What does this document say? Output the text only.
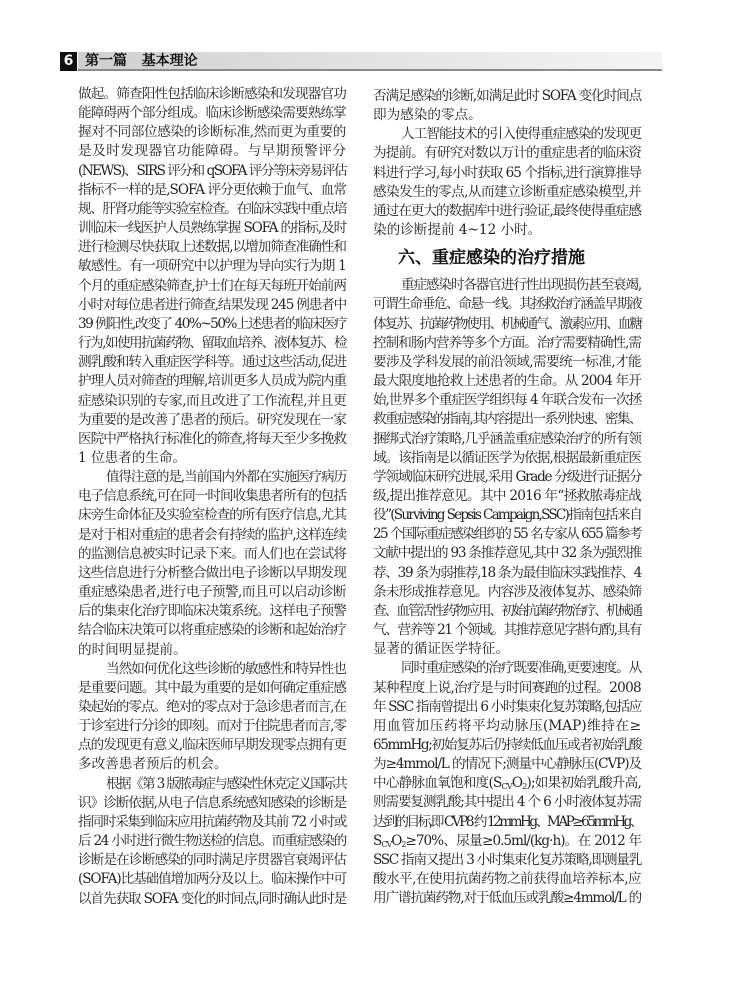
6 第一篇   基本理论
做起。筛查阳性包括临床诊断感染和发现器官功
能障碍两个部分组成。临床诊断感染需要熟练掌
握对不同部位感染的诊断标准,然而更为重要的
是及时发现器官功能障碍。与早期预警评分
(NEWS)、SIRS 评分和 qSOFA 评分等床旁易评估
指标不一样的是,SOFA 评分更依赖于血气、血常
规、肝肾功能等实验室检查。在临床实践中重点培
训临床一线医护人员熟练掌握 SOFA 的指标,及时
进行检测尽快获取上述数据,以增加筛查准确性和
敏感性。有一项研究中以护理为导向实行为期 1
个月的重症感染筛查,护士们在每天每班开始前两
小时对每位患者进行筛查,结果发现 245 例患者中
39 例阳性,改变了 40%~50%上述患者的临床医疗
行为,如使用抗菌药物、留取血培养、液体复苏、检
测乳酸和转入重症医学科等。通过这些活动,促进
护理人员对筛查的理解,培训更多人员成为院内重
症感染识别的专家,而且改进了工作流程,并且更
为重要的是改善了患者的预后。研究发现在一家
医院中严格执行标准化的筛查,将每天至少多挽救
1 位患者的生命。
值得注意的是,当前国内外都在实施医疗病历
电子信息系统,可在同一时间收集患者所有的包括
床旁生命体征及实验室检查的所有医疗信息,尤其
是对于相对重症的患者会有持续的监护,这样连续
的监测信息被实时记录下来。而人们也在尝试将
这些信息进行分析整合做出电子诊断以早期发现
重症感染患者,进行电子预警,而且可以启动诊断
后的集束化治疗即临床决策系统。这样电子预警
结合临床决策可以将重症感染的诊断和起始治疗
的时间明显提前。
当然如何优化这些诊断的敏感性和特异性也
是重要问题。其中最为重要的是如何确定重症感
染起始的零点。绝对的零点对于急诊患者而言,在
于诊室进行分诊的即刻。而对于住院患者而言,零
点的发现更有意义,临床医师早期发现零点拥有更
多改善患者预后的机会。
根据《第 3 版脓毒症与感染性休克定义国际共
识》诊断依据,从电子信息系统感知感染的诊断是
指同时采集到临床应用抗菌药物及其前 72 小时或
后 24 小时进行微生物送检的信息。而重症感染的
诊断是在诊断感染的同时满足序贯器官衰竭评估
(SOFA)比基础值增加两分及以上。临床操作中可
以首先获取 SOFA 变化的时间点,同时确认此时是
否满足感染的诊断,如满足此时 SOFA 变化时间点
即为感染的零点。
人工智能技术的引入使得重症感染的发现更
为提前。有研究对数以万计的重症患者的临床资
料进行学习,每小时获取 65 个指标,进行演算推导
感染发生的零点,从而建立诊断重症感染模型,并
通过在更大的数据库中进行验证,最终使得重症感
染的诊断提前 4~12 小时。
六、重症感染的治疗措施
重症感染时各器官进行性出现损伤甚至衰竭,
可谓生命垂危、命悬一线。其拯救治疗涵盖早期液
体复苏、抗菌药物使用、机械通气、激素应用、血糖
控制和肠内营养等多个方面。治疗需要精确性,需
要涉及学科发展的前沿领域,需要统一标准,才能
最大限度地抢救上述患者的生命。从 2004 年开
始,世界多个重症医学组织每 4 年联合发布一次拯
救重症感染的指南,其内容提出一系列快速、密集、
捆绑式治疗策略,几乎涵盖重症感染治疗的所有领
域。该指南是以循证医学为依据,根据最新重症医
学领域临床研究进展,采用 Grade 分级进行证据分
级,提出推荐意见。其中 2016 年“拯救脓毒症战
役”(Surviving Sepsis Campaign,SSC)指南包括来自
25 个国际重症感染组织的 55 名专家从 655 篇参考
文献中提出的 93 条推荐意见,其中 32 条为强烈推
荐、39 条为弱推荐,18 条为最佳临床实践推荐、4
条未形成推荐意见。内容涉及液体复苏、感染筛
查、血管活性药物应用、初始抗菌药物治疗、机械通
气、营养等 21 个领域。其推荐意见字斟句酌,具有
显著的循证医学特征。
同时重症感染的治疗既要准确,更要速度。从
某种程度上说,治疗是与时间赛跑的过程。2008
年 SSC 指南曾提出 6 小时集束化复苏策略,包括应
用血管加压药将平均动脉压(MAP)维持在≥
65mmHg;初始复苏后仍持续低血压或者初始乳酸
为≥4mmol/L 的情况下;测量中心静脉压(CVP)及
中心静脉血氧饱和度$(S_{CV}O_2)$;如果初始乳酸升高,
则需要复测乳酸;其中提出 4 个 6 小时液体复苏需
达到的目标,即 CVP8 约 12mmHg、MAP≥65mmHg、
$S_{CV}O_2\ge 70\%$、尿量≥0.5ml/(kg·h)。在 2012 年
SSC 指南又提出 3 小时集束化复苏策略,即测量乳
酸水平,在使用抗菌药物之前获得血培养标本,应
用广谱抗菌药物,对于低血压或乳酸≥4mmol/L 的
